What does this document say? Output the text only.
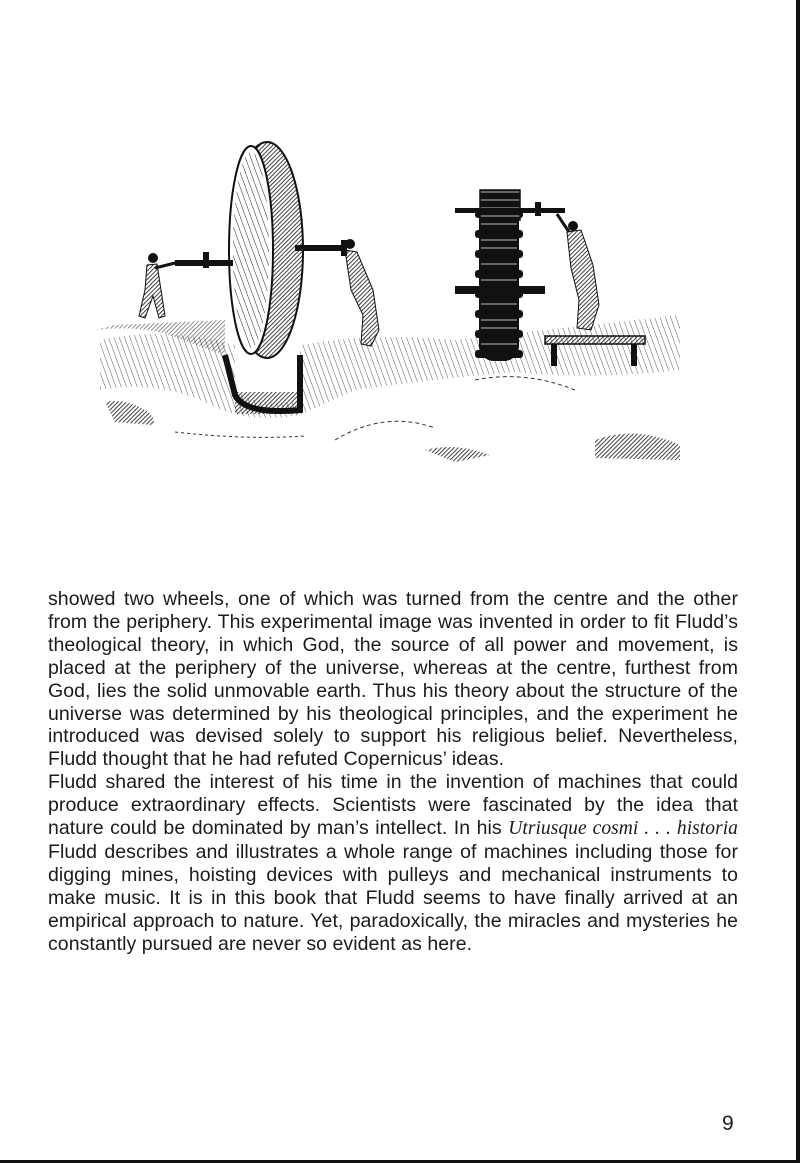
showed two wheels, one of which was turned from the centre and the other from the periphery. This experimental image was invented in order to fit Fludd’s theological theory, in which God, the source of all power and movement, is placed at the periphery of the universe, whereas at the centre, furthest from God, lies the solid unmovable earth. Thus his theory about the structure of the universe was determined by his theological principles, and the experiment he introduced was devised solely to support his religious belief. Nevertheless, Fludd thought that he had refuted Copernicus’ ideas.

Fludd shared the interest of his time in the invention of machines that could produce extraordinary effects. Scientists were fascinated by the idea that nature could be dominated by man’s intellect. In his Utriusque cosmi . . . historia Fludd describes and illustrates a whole range of machines including those for digging mines, hoisting devices with pulleys and mechanical instruments to make music. It is in this book that Fludd seems to have finally arrived at an empirical approach to nature. Yet, paradoxically, the miracles and mysteries he constantly pursued are never so evident as here.

9
